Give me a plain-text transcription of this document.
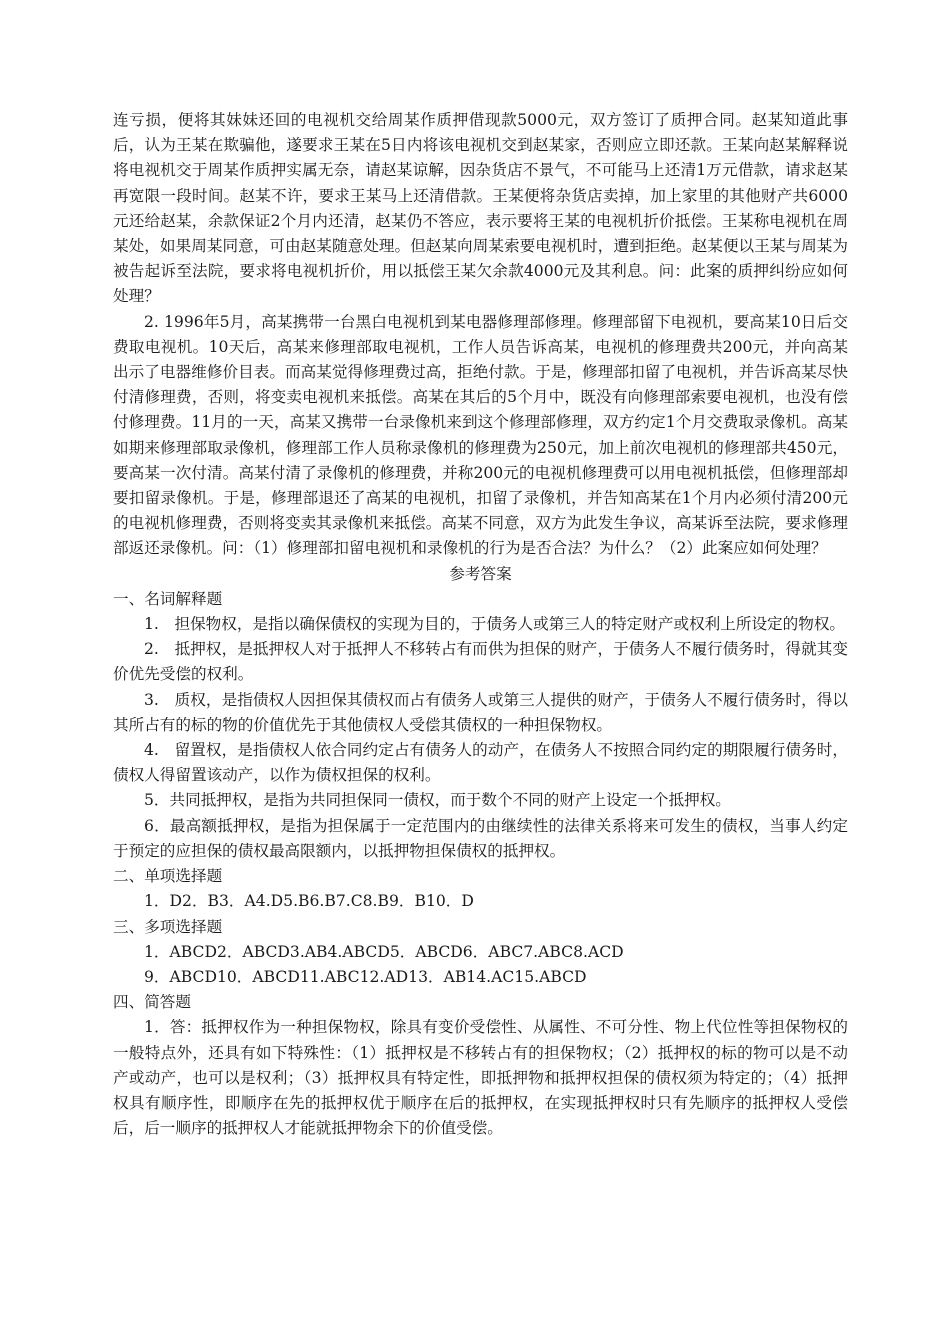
连亏损，便将其妹妹还回的电视机交给周某作质押借现款5000元，双方签订了质押合同。赵某知道此事后，认为王某在欺骗他，遂要求王某在5日内将该电视机交到赵某家，否则应立即还款。王某向赵某解释说将电视机交于周某作质押实属无奈，请赵某谅解，因杂货店不景气，不可能马上还清1万元借款，请求赵某再宽限一段时间。赵某不许，要求王某马上还清借款。王某便将杂货店卖掉，加上家里的其他财产共6000元还给赵某，余款保证2个月内还清，赵某仍不答应，表示要将王某的电视机折价抵偿。王某称电视机在周某处，如果周某同意，可由赵某随意处理。但赵某向周某索要电视机时，遭到拒绝。赵某便以王某与周某为被告起诉至法院，要求将电视机折价，用以抵偿王某欠余款4000元及其利息。问：此案的质押纠纷应如何处理？

2. 1996年5月，高某携带一台黑白电视机到某电器修理部修理。修理部留下电视机，要高某10日后交费取电视机。10天后，高某来修理部取电视机，工作人员告诉高某，电视机的修理费共200元，并向高某出示了电器维修价目表。而高某觉得修理费过高，拒绝付款。于是，修理部扣留了电视机，并告诉高某尽快付清修理费，否则，将变卖电视机来抵偿。高某在其后的5个月中，既没有向修理部索要电视机，也没有偿付修理费。11月的一天，高某又携带一台录像机来到这个修理部修理，双方约定1个月交费取录像机。高某如期来修理部取录像机，修理部工作人员称录像机的修理费为250元，加上前次电视机的修理部共450元，要高某一次付清。高某付清了录像机的修理费，并称200元的电视机修理费可以用电视机抵偿，但修理部却要扣留录像机。于是，修理部退还了高某的电视机，扣留了录像机，并告知高某在1个月内必须付清200元的电视机修理费，否则将变卖其录像机来抵偿。高某不同意，双方为此发生争议，高某诉至法院，要求修理部返还录像机。问：（1）修理部扣留电视机和录像机的行为是否合法？为什么？（2）此案应如何处理？

参考答案

一、名词解释题

1.　担保物权，是指以确保债权的实现为目的，于债务人或第三人的特定财产或权利上所设定的物权。

2.　抵押权，是抵押权人对于抵押人不移转占有而供为担保的财产，于债务人不履行债务时，得就其变价优先受偿的权利。

3.　质权，是指债权人因担保其债权而占有债务人或第三人提供的财产，于债务人不履行债务时，得以其所占有的标的物的价值优先于其他债权人受偿其债权的一种担保物权。

4.　留置权，是指债权人依合同约定占有债务人的动产，在债务人不按照合同约定的期限履行债务时，债权人得留置该动产，以作为债权担保的权利。

5．共同抵押权，是指为共同担保同一债权，而于数个不同的财产上设定一个抵押权。

6．最高额抵押权，是指为担保属于一定范围内的由继续性的法律关系将来可发生的债权，当事人约定于预定的应担保的债权最高限额内，以抵押物担保债权的抵押权。

二、单项选择题

1．D2．B3．A4.D5.B6.B7.C8.B9．B10．D

三、多项选择题

1．ABCD2．ABCD3.AB4.ABCD5．ABCD6．ABC7.ABC8.ACD

9．ABCD10．ABCD11.ABC12.AD13．AB14.AC15.ABCD

四、简答题

1．答：抵押权作为一种担保物权，除具有变价受偿性、从属性、不可分性、物上代位性等担保物权的一般特点外，还具有如下特殊性：（1）抵押权是不移转占有的担保物权；（2）抵押权的标的物可以是不动产或动产，也可以是权利；（3）抵押权具有特定性，即抵押物和抵押权担保的债权须为特定的；（4）抵押权具有顺序性，即顺序在先的抵押权优于顺序在后的抵押权，在实现抵押权时只有先顺序的抵押权人受偿后，后一顺序的抵押权人才能就抵押物余下的价值受偿。
